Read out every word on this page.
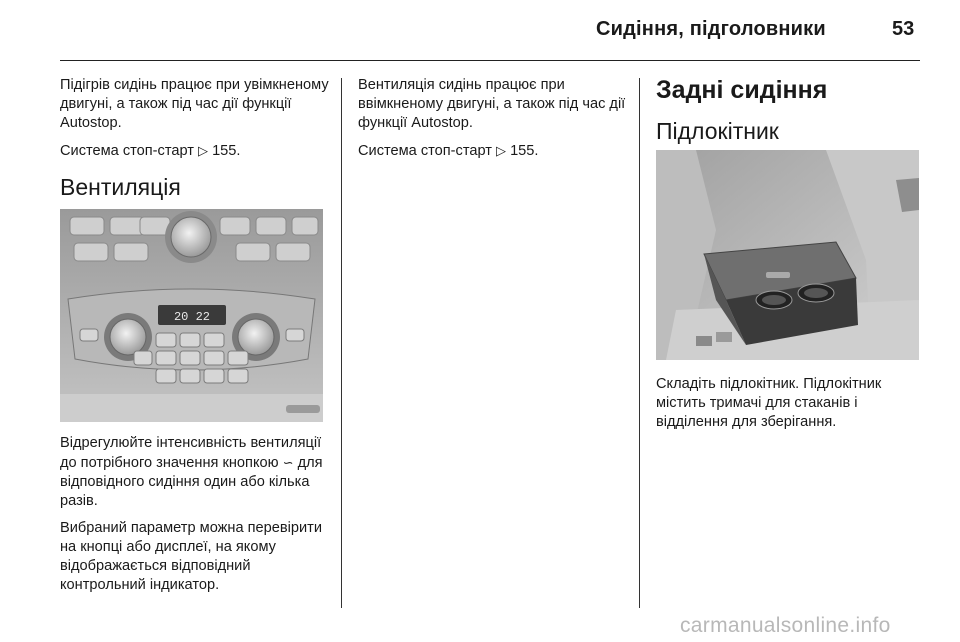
Сидіння, підголовники	53

Підігрів сидінь працює при увімкненому двигуні, а також під час дії функції Autostop.

Система стоп-старт ▷ 155.

Вентиляція
20 22

Відрегулюйте інтенсивність вентиляції до потрібного значення кнопкою ∽ для відповідного сидіння один або кілька разів.

Вибраний параметр можна перевірити на кнопці або дисплеї, на якому відображається відповідний контрольний індикатор.

Вентиляція сидінь працює при ввімкненому двигуні, а також під час дії функції Autostop.

Система стоп-старт ▷ 155.

Задні сидіння
Підлокітник

Складіть підлокітник. Підлокітник містить тримачі для стаканів і відділення для зберігання.

carmanualsonline.info
